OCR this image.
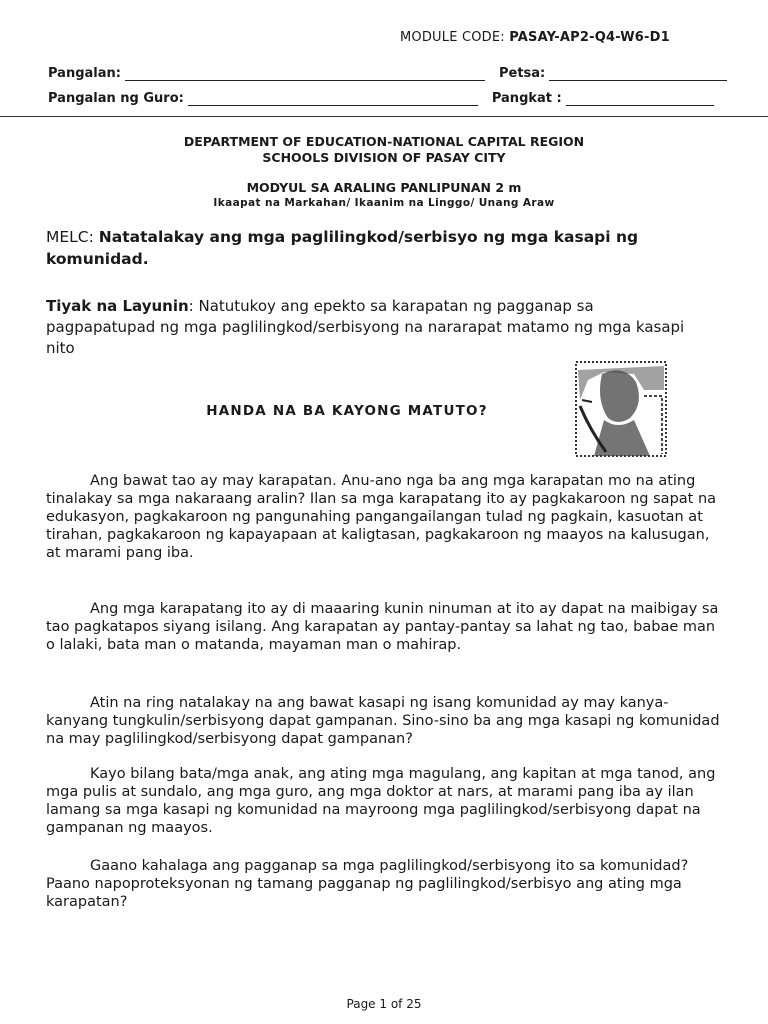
MODULE CODE: PASAY-AP2-Q4-W6-D1
Pangalan:	Petsa:
Pangalan ng Guro:	Pangkat :
DEPARTMENT OF EDUCATION-NATIONAL CAPITAL REGION
SCHOOLS DIVISION OF PASAY CITY
MODYUL SA ARALING PANLIPUNAN 2 m
Ikaapat na Markahan/ Ikaanim na Linggo/ Unang Araw
MELC: Natatalakay ang mga paglilingkod/serbisyo ng mga kasapi ng komunidad.
Tiyak na Layunin: Natutukoy ang epekto sa karapatan ng pagganap sa pagpapatupad ng mga paglilingkod/serbisyong na nararapat matamo ng mga kasapi nito
HANDA NA BA KAYONG MATUTO?
Ang bawat tao ay may karapatan. Anu-ano nga ba ang mga karapatan mo na ating tinalakay sa mga nakaraang aralin? Ilan sa mga karapatang ito ay pagkakaroon ng sapat na edukasyon, pagkakaroon ng pangunahing pangangailangan tulad ng pagkain, kasuotan at tirahan, pagkakaroon ng kapayapaan at kaligtasan, pagkakaroon ng maayos na kalusugan, at marami pang iba.
Ang mga karapatang ito ay di maaaring kunin ninuman at ito ay dapat na maibigay sa tao pagkatapos siyang isilang. Ang karapatan ay pantay-pantay sa lahat ng tao, babae man o lalaki, bata man o matanda, mayaman man o mahirap.
Atin na ring natalakay na ang bawat kasapi ng isang komunidad ay may kanya-kanyang tungkulin/serbisyong dapat gampanan. Sino-sino ba ang mga kasapi ng komunidad na may paglilingkod/serbisyong dapat gampanan?
Kayo bilang bata/mga anak, ang ating mga magulang, ang kapitan at mga tanod, ang mga pulis at sundalo, ang mga guro, ang mga doktor at nars, at marami pang iba ay ilan lamang sa mga kasapi ng komunidad na mayroong mga paglilingkod/serbisyong dapat na gampanan ng maayos.
Gaano kahalaga ang pagganap sa mga paglilingkod/serbisyong ito sa komunidad? Paano napoproteksyonan ng tamang pagganap ng paglilingkod/serbisyo ang ating mga karapatan?
Page 1 of 25
